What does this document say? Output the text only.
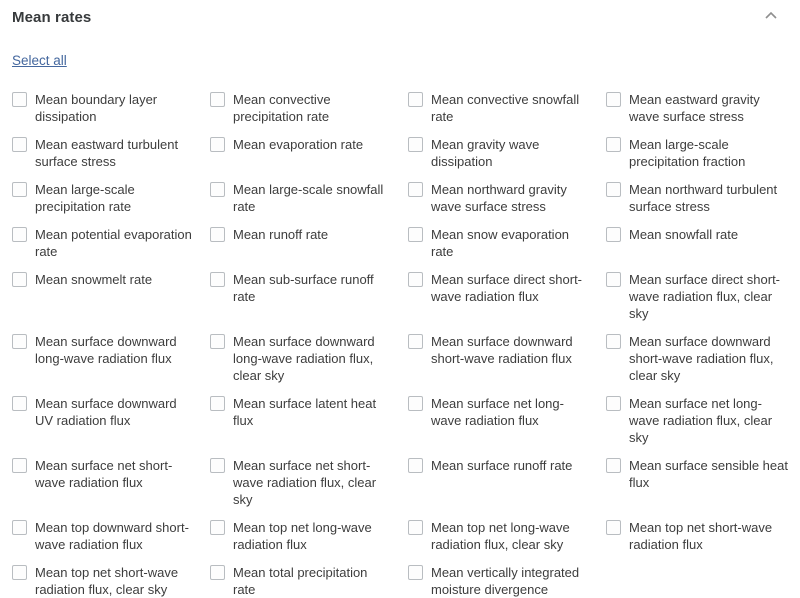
Mean rates
Select all
Mean boundary layer dissipation
Mean convective precipitation rate
Mean convective snowfall rate
Mean eastward gravity wave surface stress
Mean eastward turbulent surface stress
Mean evaporation rate	Mean gravity wave dissipation
Mean large-scale precipitation fraction
Mean large-scale precipitation rate
Mean large-scale snowfall rate
Mean northward gravity wave surface stress
Mean northward turbulent surface stress
Mean potential evaporation rate
Mean runoff rate	Mean snow evaporation rate
Mean snowfall rate
Mean snowmelt rate	Mean sub-surface runoff rate
Mean surface direct short-wave radiation flux
Mean surface direct short-wave radiation flux, clear sky
Mean surface downward long-wave radiation flux
Mean surface downward long-wave radiation flux, clear sky
Mean surface downward short-wave radiation flux
Mean surface downward short-wave radiation flux, clear sky
Mean surface downward UV radiation flux
Mean surface latent heat flux
Mean surface net long-wave radiation flux
Mean surface net long-wave radiation flux, clear sky
Mean surface net short-wave radiation flux
Mean surface net short-wave radiation flux, clear sky
Mean surface runoff rate	Mean surface sensible heat flux
Mean top downward short-wave radiation flux
Mean top net long-wave radiation flux
Mean top net long-wave radiation flux, clear sky
Mean top net short-wave radiation flux
Mean top net short-wave radiation flux, clear sky
Mean total precipitation rate
Mean vertically integrated moisture divergence
